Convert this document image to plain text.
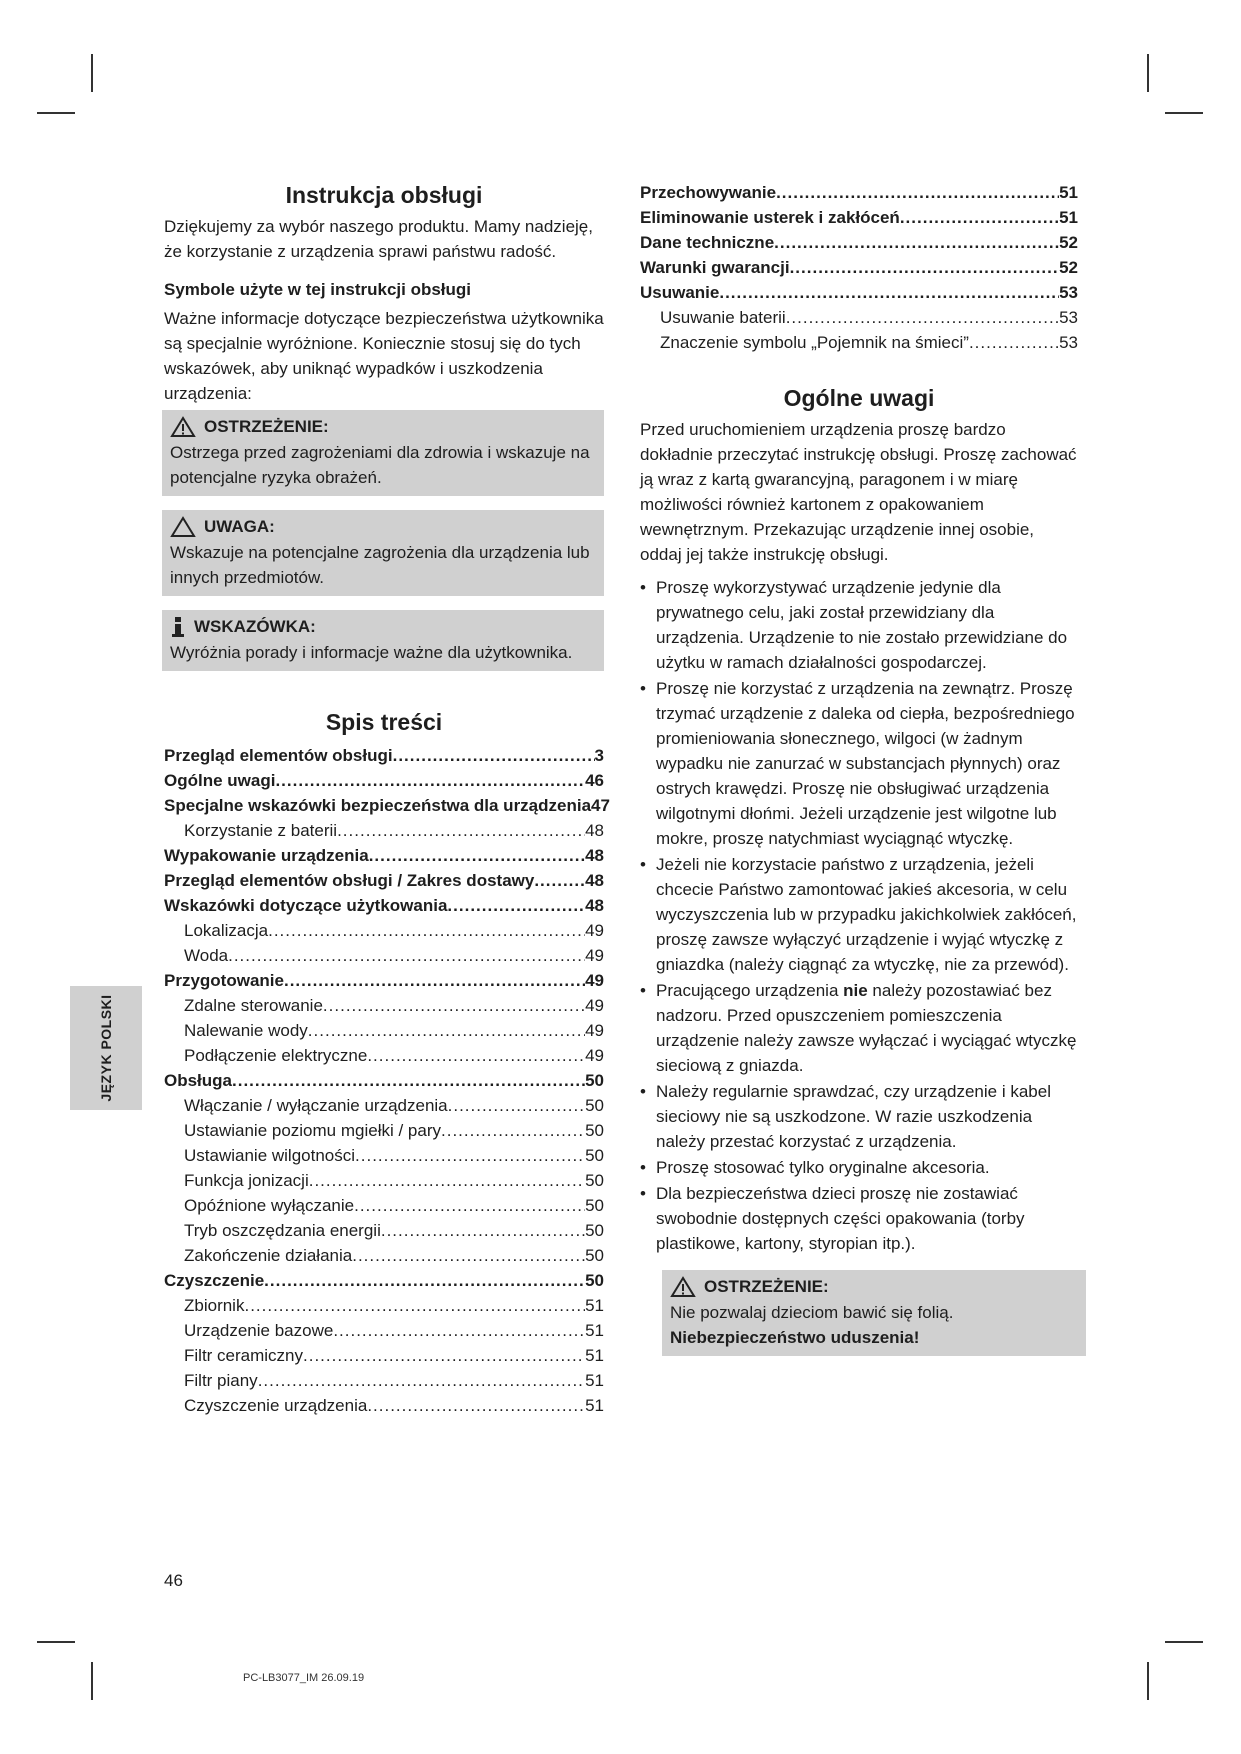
Instrukcja obsługi

Dziękujemy za wybór naszego produktu. Mamy nadzieję, że korzystanie z urządzenia sprawi państwu radość.

Symbole użyte w tej instrukcji obsługi

Ważne informacje dotyczące bezpieczeństwa użytkownika są specjalnie wyróżnione. Koniecznie stosuj się do tych wskazówek, aby uniknąć wypadków i uszkodzenia urządzenia:

OSTRZEŻENIE:
Ostrzega przed zagrożeniami dla zdrowia i wskazuje na potencjalne ryzyka obrażeń.
UWAGA:
Wskazuje na potencjalne zagrożenia dla urządzenia lub innych przedmiotów.
WSKAZÓWKA:
Wyróżnia porady i informacje ważne dla użytkownika.
Spis treści
Przegląd elementów obsługi .....	3
Ogólne uwagi .....	46
Specjalne wskazówki bezpieczeństwa dla urządzenia 47
Korzystanie z baterii .....	48
Wypakowanie urządzenia .....	48
Przegląd elementów obsługi / Zakres dostawy .....	48
Wskazówki dotyczące użytkowania .....	48
Lokalizacja .....	49
Woda .....	49
Przygotowanie .....	49
Zdalne sterowanie .....	49
Nalewanie wody .....	49
Podłączenie elektryczne .....	49
Obsługa .....	50
Włączanie / wyłączanie urządzenia .....	50
Ustawianie poziomu mgiełki / pary .....	50
Ustawianie wilgotności .....	50
Funkcja jonizacji .....	50
Opóźnione wyłączanie .....	50
Tryb oszczędzania energii .....	50
Zakończenie działania .....	50
Czyszczenie .....	50
Zbiornik .....	51
Urządzenie bazowe .....	51
Filtr ceramiczny .....	51
Filtr piany .....	51
Czyszczenie urządzenia .....	51
Przechowywanie .....	51
Eliminowanie usterek i zakłóceń .....	51
Dane techniczne .....	52
Warunki gwarancji .....	52
Usuwanie .....	53
Usuwanie baterii .....	53
Znaczenie symbolu „Pojemnik na śmieci” .....	53
Ogólne uwagi

Przed uruchomieniem urządzenia proszę bardzo dokładnie przeczytać instrukcję obsługi. Proszę zachować ją wraz z kartą gwarancyjną, paragonem i w miarę możliwości również kartonem z opakowaniem wewnętrznym. Przekazując urządzenie innej osobie, oddaj jej także instrukcję obsługi.

• Proszę wykorzystywać urządzenie jedynie dla prywatnego celu, jaki został przewidziany dla urządzenia. Urządzenie to nie zostało przewidziane do użytku w ramach działalności gospodarczej.
• Proszę nie korzystać z urządzenia na zewnątrz. Proszę trzymać urządzenie z daleka od ciepła, bezpośredniego promieniowania słonecznego, wilgoci (w żadnym wypadku nie zanurzać w substancjach płynnych) oraz ostrych krawędzi. Proszę nie obsługiwać urządzenia wilgotnymi dłońmi. Jeżeli urządzenie jest wilgotne lub mokre, proszę natychmiast wyciągnąć wtyczkę.
• Jeżeli nie korzystacie państwo z urządzenia, jeżeli chcecie Państwo zamontować jakieś akcesoria, w celu wyczyszczenia lub w przypadku jakichkolwiek zakłóceń, proszę zawsze wyłączyć urządzenie i wyjąć wtyczkę z gniazdka (należy ciągnąć za wtyczkę, nie za przewód).
• Pracującego urządzenia nie należy pozostawiać bez nadzoru. Przed opuszczeniem pomieszczenia urządzenie należy zawsze wyłączać i wyciągać wtyczkę sieciową z gniazda.
• Należy regularnie sprawdzać, czy urządzenie i kabel sieciowy nie są uszkodzone. W razie uszkodzenia należy przestać korzystać z urządzenia.
• Proszę stosować tylko oryginalne akcesoria.
• Dla bezpieczeństwa dzieci proszę nie zostawiać swobodnie dostępnych części opakowania (torby plastikowe, kartony, styropian itp.).
OSTRZEŻENIE:
Nie pozwalaj dzieciom bawić się folią. Niebezpieczeństwo uduszenia!
JĘZYK POLSKI
46
PC-LB3077_IM 26.09.19
